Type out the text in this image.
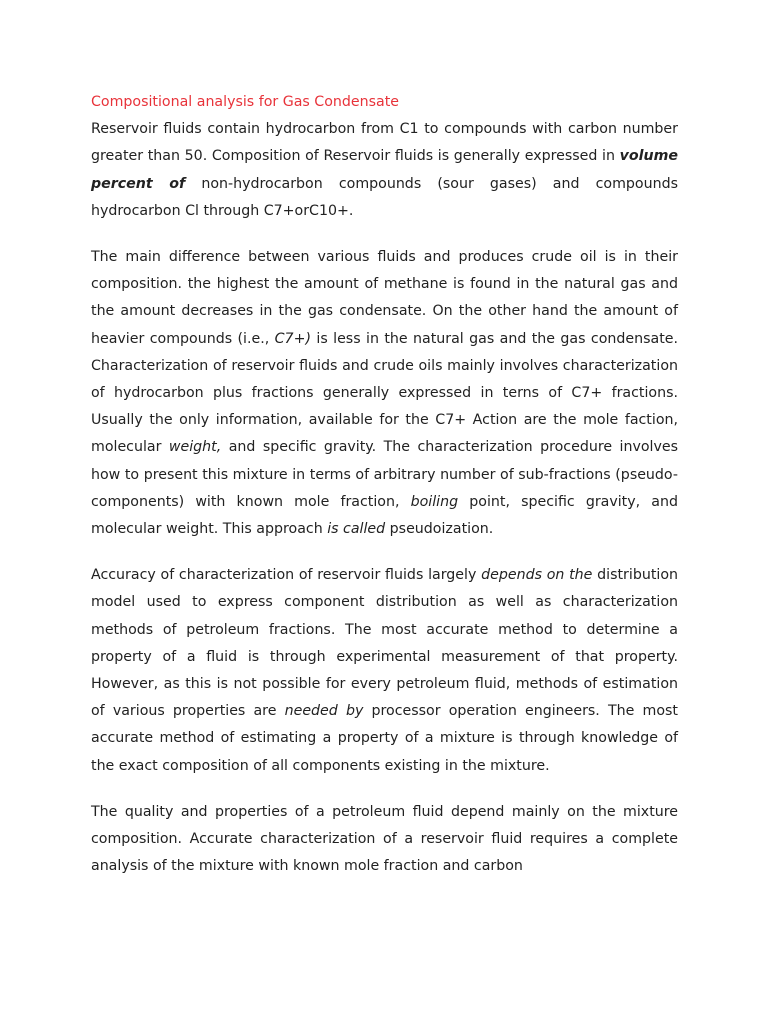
Compositional analysis for Gas Condensate

Reservoir fluids contain hydrocarbon from C1 to compounds with carbon number greater than 50. Composition of Reservoir fluids is generally expressed in volume percent of non-hydrocarbon compounds (sour gases) and compounds hydrocarbon Cl through C7+orC10+.

The main difference between various fluids and produces crude oil is in their composition. the highest the amount of methane is found in the natural gas and the amount decreases in the gas condensate. On the other hand the amount of heavier compounds (i.e., C7+) is less in the natural gas and the gas condensate. Characterization of reservoir fluids and crude oils mainly involves characterization of hydrocarbon plus fractions generally expressed in terns of C7+ fractions. Usually the only information, available for the C7+ Action are the mole faction, molecular weight, and specific gravity. The characterization procedure involves how to present this mixture in terms of arbitrary number of sub-fractions (pseudo-components) with known mole fraction, boiling point, specific gravity, and molecular weight. This approach is called pseudoization.

Accuracy of characterization of reservoir fluids largely depends on the distribution model used to express component distribution as well as characterization methods of petroleum fractions. The most accurate method to determine a property of a fluid is through experimental measurement of that property. However, as this is not possible for every petroleum fluid, methods of estimation of various properties are needed by processor operation engineers. The most accurate method of estimating a property of a mixture is through knowledge of the exact composition of all components existing in the mixture.

The quality and properties of a petroleum fluid depend mainly on the mixture composition. Accurate characterization of a reservoir fluid requires a complete analysis of the mixture with known mole fraction and carbon
